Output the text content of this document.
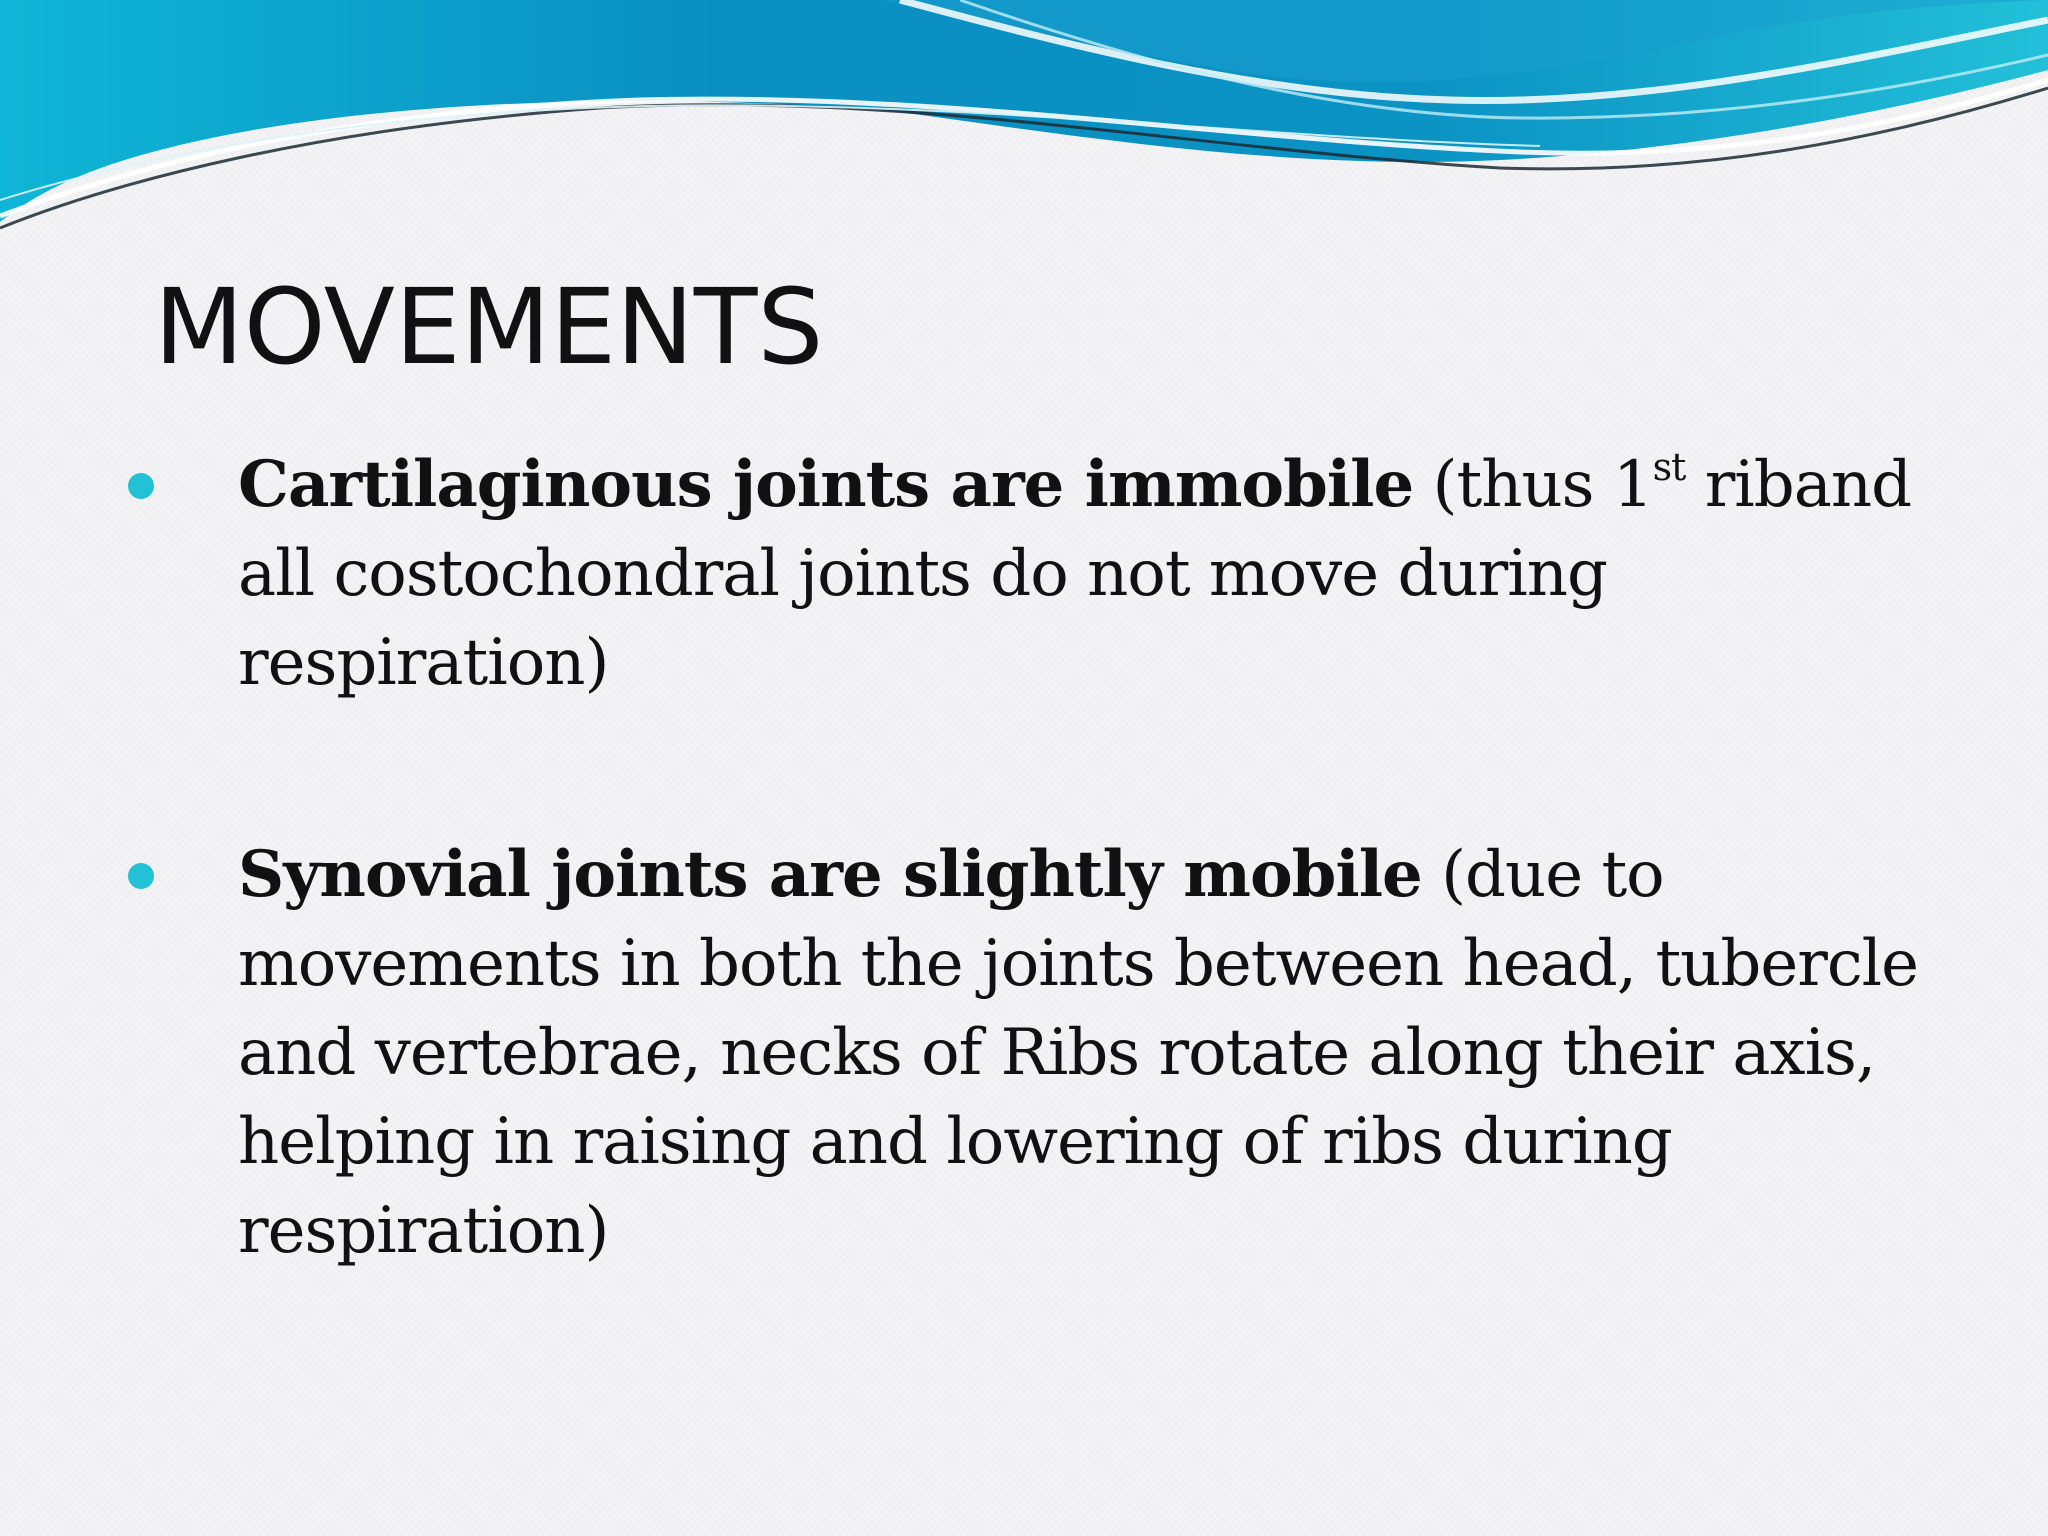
MOVEMENTS
Cartilaginous joints are immobile (thus 1st riband all costochondral joints do not move during respiration)
Synovial joints are slightly mobile (due to movements in both the joints between head, tubercle and vertebrae, necks of Ribs rotate along their axis, helping in raising and lowering of ribs during respiration)
